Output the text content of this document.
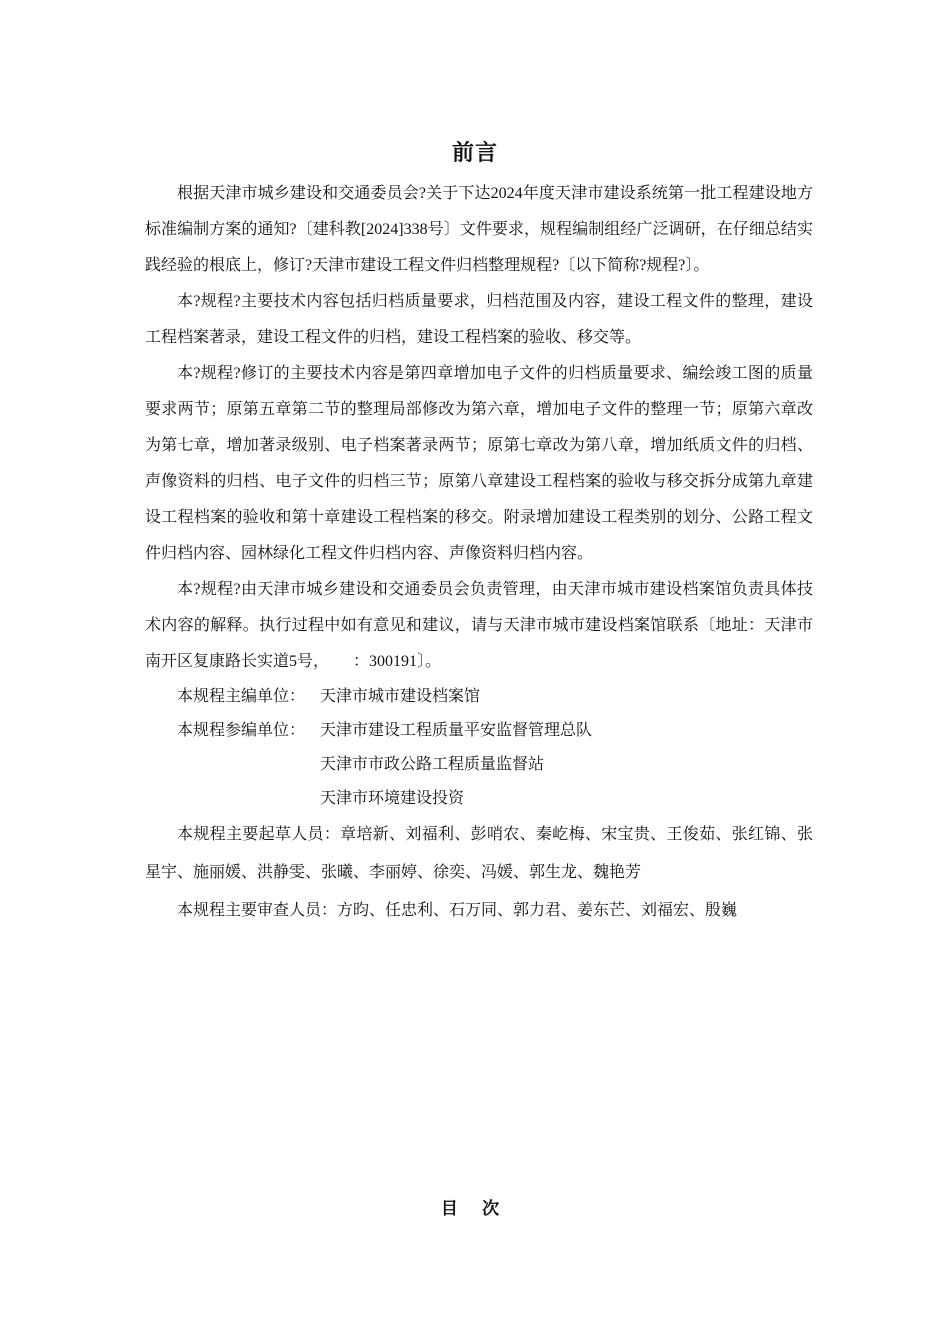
前言

根据天津市城乡建设和交通委员会?关于下达2024年度天津市建设系统第一批工程建设地方标准编制方案的通知?〔建科教[2024]338号〕文件要求，规程编制组经广泛调研，在仔细总结实践经验的根底上，修订?天津市建设工程文件归档整理规程?〔以下简称?规程?〕。

本?规程?主要技术内容包括归档质量要求，归档范围及内容，建设工程文件的整理，建设工程档案著录，建设工程文件的归档，建设工程档案的验收、移交等。

本?规程?修订的主要技术内容是第四章增加电子文件的归档质量要求、编绘竣工图的质量要求两节；原第五章第二节的整理局部修改为第六章，增加电子文件的整理一节；原第六章改为第七章，增加著录级别、电子档案著录两节；原第七章改为第八章，增加纸质文件的归档、声像资料的归档、电子文件的归档三节；原第八章建设工程档案的验收与移交拆分成第九章建设工程档案的验收和第十章建设工程档案的移交。附录增加建设工程类别的划分、公路工程文件归档内容、园林绿化工程文件归档内容、声像资料归档内容。

本?规程?由天津市城乡建设和交通委员会负责管理，由天津市城市建设档案馆负责具体技术内容的解释。执行过程中如有意见和建议，请与天津市城市建设档案馆联系〔地址：天津市南开区复康路长实道5号，　　：300191〕。

本规程主编单位： 天津市城市建设档案馆
本规程参编单位： 天津市建设工程质量平安监督管理总队
天津市市政公路工程质量监督站
天津市环境建设投资

本规程主要起草人员：章培新、刘福利、彭哨农、秦屹梅、宋宝贵、王俊茹、张红锦、张星宇、施丽媛、洪静雯、张曦、李丽婷、徐奕、冯媛、郭生龙、魏艳芳

本规程主要审查人员：方昀、任忠利、石万同、郭力君、姜东芒、刘福宏、殷巍

目 次
